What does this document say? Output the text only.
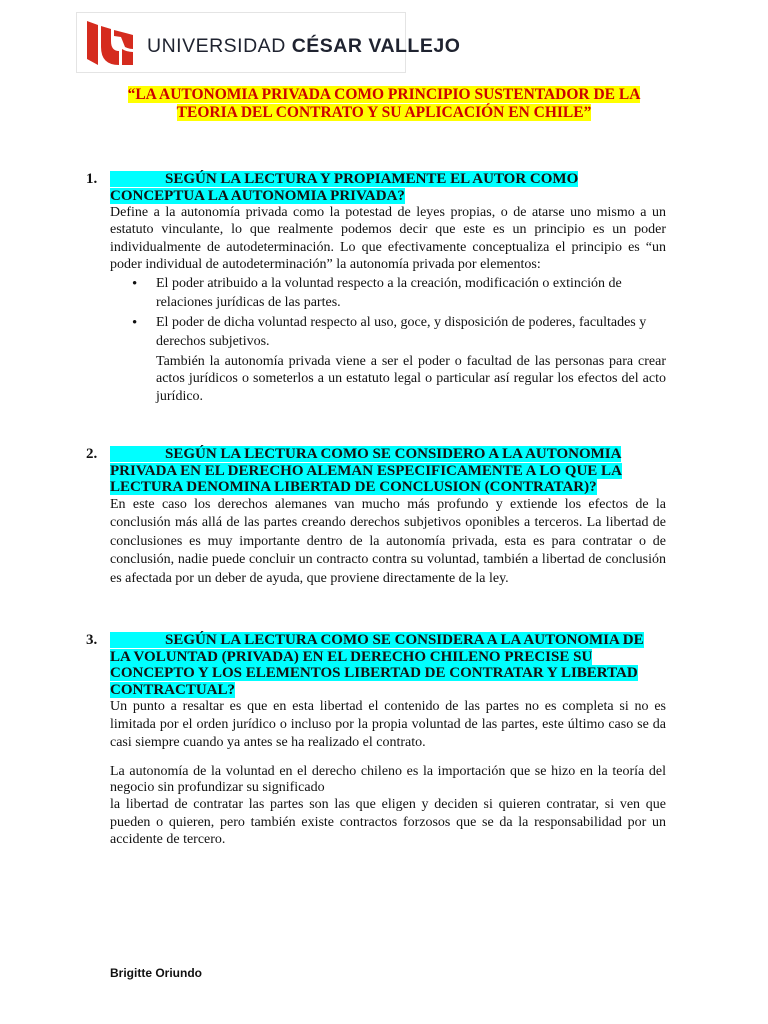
UNIVERSIDAD CÉSAR VALLEJO
“LA AUTONOMIA PRIVADA COMO PRINCIPIO SUSTENTADOR DE LA TEORIA DEL CONTRATO Y SU APLICACIÓN EN CHILE”
1.	SEGÚN LA LECTURA Y PROPIAMENTE EL AUTOR COMO CONCEPTUA LA AUTONOMIA PRIVADA?

Define a la autonomía privada como la potestad de leyes propias, o de atarse uno mismo a un estatuto vinculante, lo que realmente podemos decir que este es un principio es un poder individualmente de autodeterminación. Lo que efectivamente conceptualiza el principio es “un poder individual de autodeterminación” la autonomía privada por elementos:

• El poder atribuido a la voluntad respecto a la creación, modificación o extinción de relaciones jurídicas de las partes.
• El poder de dicha voluntad respecto al uso, goce, y disposición de poderes, facultades y derechos subjetivos.

También la autonomía privada viene a ser el poder o facultad de las personas para crear actos jurídicos o someterlos a un estatuto legal o particular así regular los efectos del acto jurídico.

2.	SEGÚN LA LECTURA COMO SE CONSIDERO A LA AUTONOMIA PRIVADA EN EL DERECHO ALEMAN ESPECIFICAMENTE A LO QUE LA LECTURA DENOMINA LIBERTAD DE CONCLUSION (CONTRATAR)?

En este caso los derechos alemanes van mucho más profundo y extiende los efectos de la conclusión más allá de las partes creando derechos subjetivos oponibles a terceros. La libertad de conclusiones es muy importante dentro de la autonomía privada, esta es para contratar o de conclusión, nadie puede concluir un contracto contra su voluntad, también a libertad de conclusión es afectada por un deber de ayuda, que proviene directamente de la ley.

3.	SEGÚN LA LECTURA COMO SE CONSIDERA A LA AUTONOMIA DE LA VOLUNTAD (PRIVADA) EN EL DERECHO CHILENO PRECISE SU CONCEPTO Y LOS ELEMENTOS LIBERTAD DE CONTRATAR Y LIBERTAD CONTRACTUAL?

Un punto a resaltar es que en esta libertad el contenido de las partes no es completa si no es limitada por el orden jurídico o incluso por la propia voluntad de las partes, este último caso se da casi siempre cuando ya antes se ha realizado el contrato.

La autonomía de la voluntad en el derecho chileno es la importación que se hizo en la teoría del negocio sin profundizar su significado

la libertad de contratar las partes son las que eligen y deciden si quieren contratar, si ven que pueden o quieren, pero también existe contractos forzosos que se da la responsabilidad por un accidente de tercero.

Brigitte Oriundo
